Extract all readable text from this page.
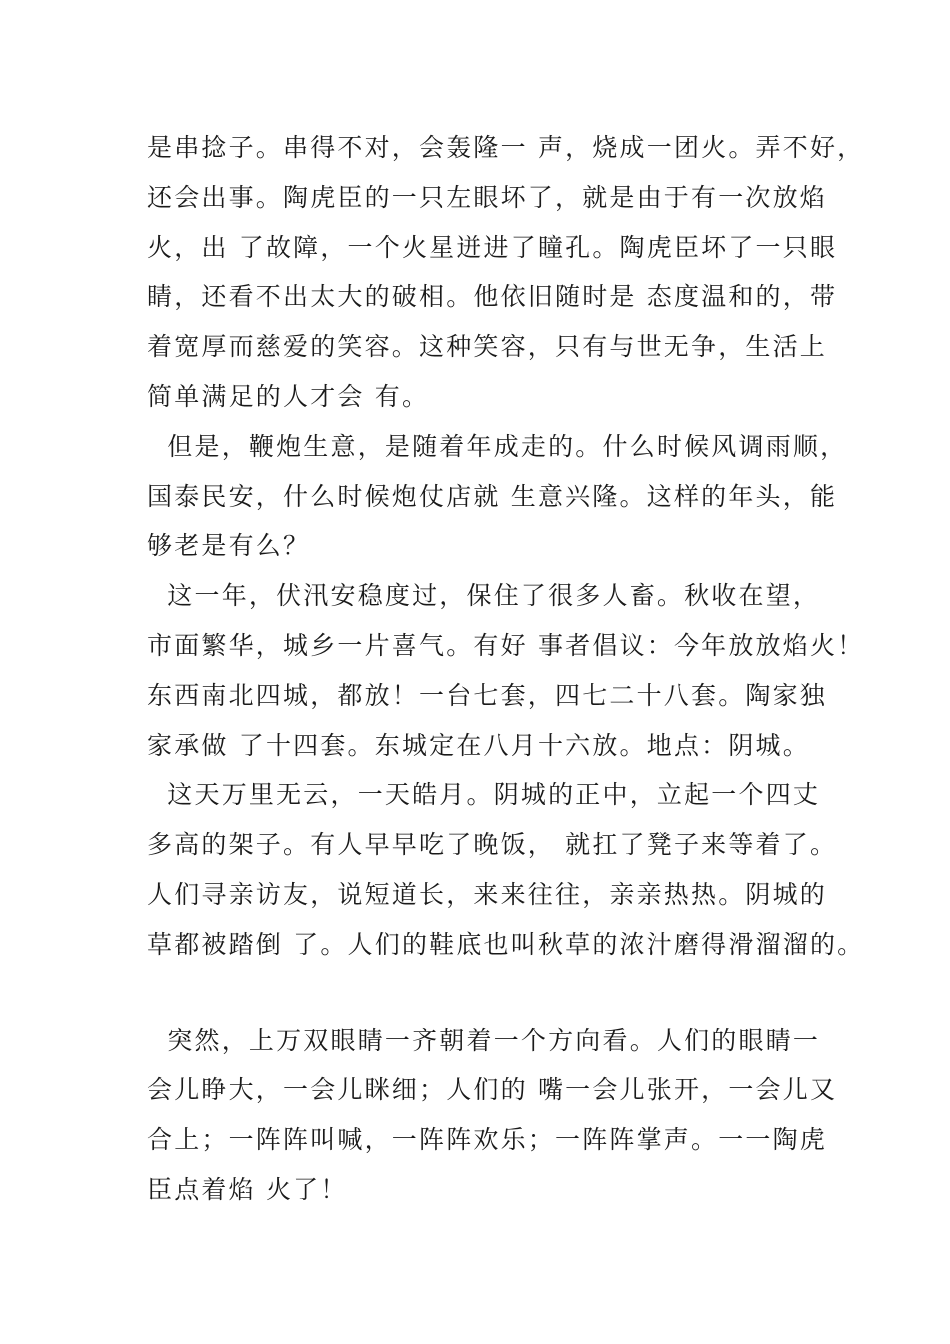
是串捻子。串得不对，会轰隆一 声，烧成一团火。弄不好，
还会出事。陶虎臣的一只左眼坏了，就是由于有一次放焰
火，出 了故障，一个火星迸进了瞳孔。陶虎臣坏了一只眼
睛，还看不出太大的破相。他依旧随时是 态度温和的，带
着宽厚而慈爱的笑容。这种笑容，只有与世无争，生活上
简单满足的人才会 有。
但是，鞭炮生意，是随着年成走的。什么时候风调雨顺，
国泰民安，什么时候炮仗店就 生意兴隆。这样的年头，能
够老是有么？
这一年，伏汛安稳度过，保住了很多人畜。秋收在望，
市面繁华，城乡一片喜气。有好 事者倡议：今年放放焰火！
东西南北四城，都放！一台七套，四七二十八套。陶家独
家承做 了十四套。东城定在八月十六放。地点：阴城。
这天万里无云，一天皓月。阴城的正中，立起一个四丈
多高的架子。有人早早吃了晚饭， 就扛了凳子来等着了。
人们寻亲访友，说短道长，来来往往，亲亲热热。阴城的
草都被踏倒 了。人们的鞋底也叫秋草的浓汁磨得滑溜溜的。
突然，上万双眼睛一齐朝着一个方向看。人们的眼睛一
会儿睁大，一会儿眯细；人们的 嘴一会儿张开，一会儿又
合上；一阵阵叫喊，一阵阵欢乐；一阵阵掌声。一一陶虎
臣点着焰 火了！
